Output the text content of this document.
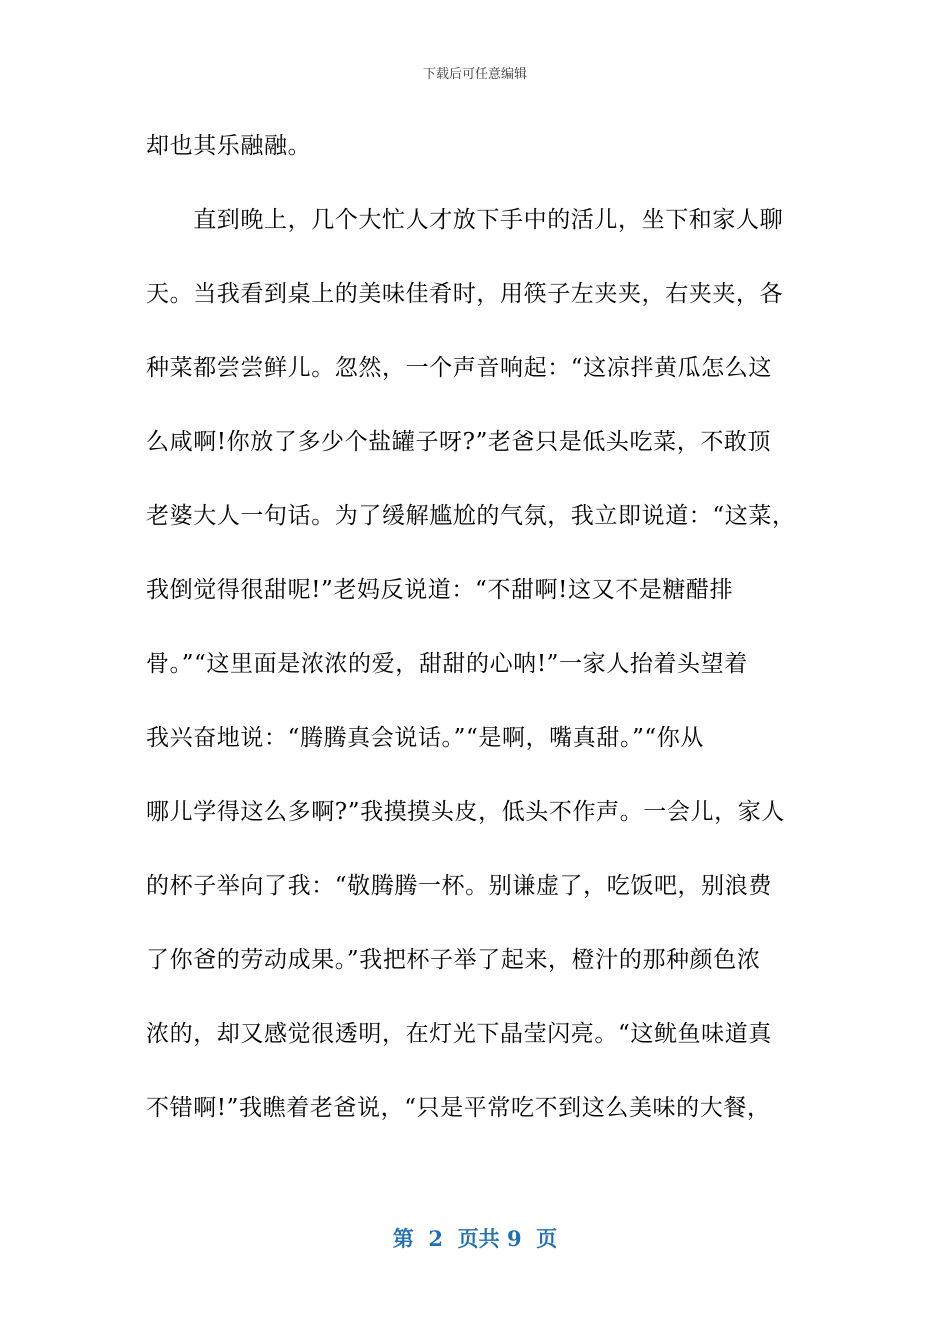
下载后可任意编辑
却也其乐融融。
　　直到晚上，几个大忙人才放下手中的活儿，坐下和家人聊
天。当我看到桌上的美味佳肴时，用筷子左夹夹，右夹夹，各
种菜都尝尝鲜儿。忽然，一个声音响起：“这凉拌黄瓜怎么这
么咸啊!你放了多少个盐罐子呀?”老爸只是低头吃菜，不敢顶
老婆大人一句话。为了缓解尴尬的气氛，我立即说道：“这菜，
我倒觉得很甜呢!”老妈反说道：“不甜啊!这又不是糖醋排
骨。”“这里面是浓浓的爱，甜甜的心呐!”一家人抬着头望着
我兴奋地说：“腾腾真会说话。”“是啊，嘴真甜。”“你从
哪儿学得这么多啊?”我摸摸头皮，低头不作声。一会儿，家人
的杯子举向了我：“敬腾腾一杯。别谦虚了，吃饭吧，别浪费
了你爸的劳动成果。”我把杯子举了起来，橙汁的那种颜色浓
浓的，却又感觉很透明，在灯光下晶莹闪亮。“这鱿鱼味道真
不错啊!”我瞧着老爸说，“只是平常吃不到这么美味的大餐，
第  2  页共 9  页
